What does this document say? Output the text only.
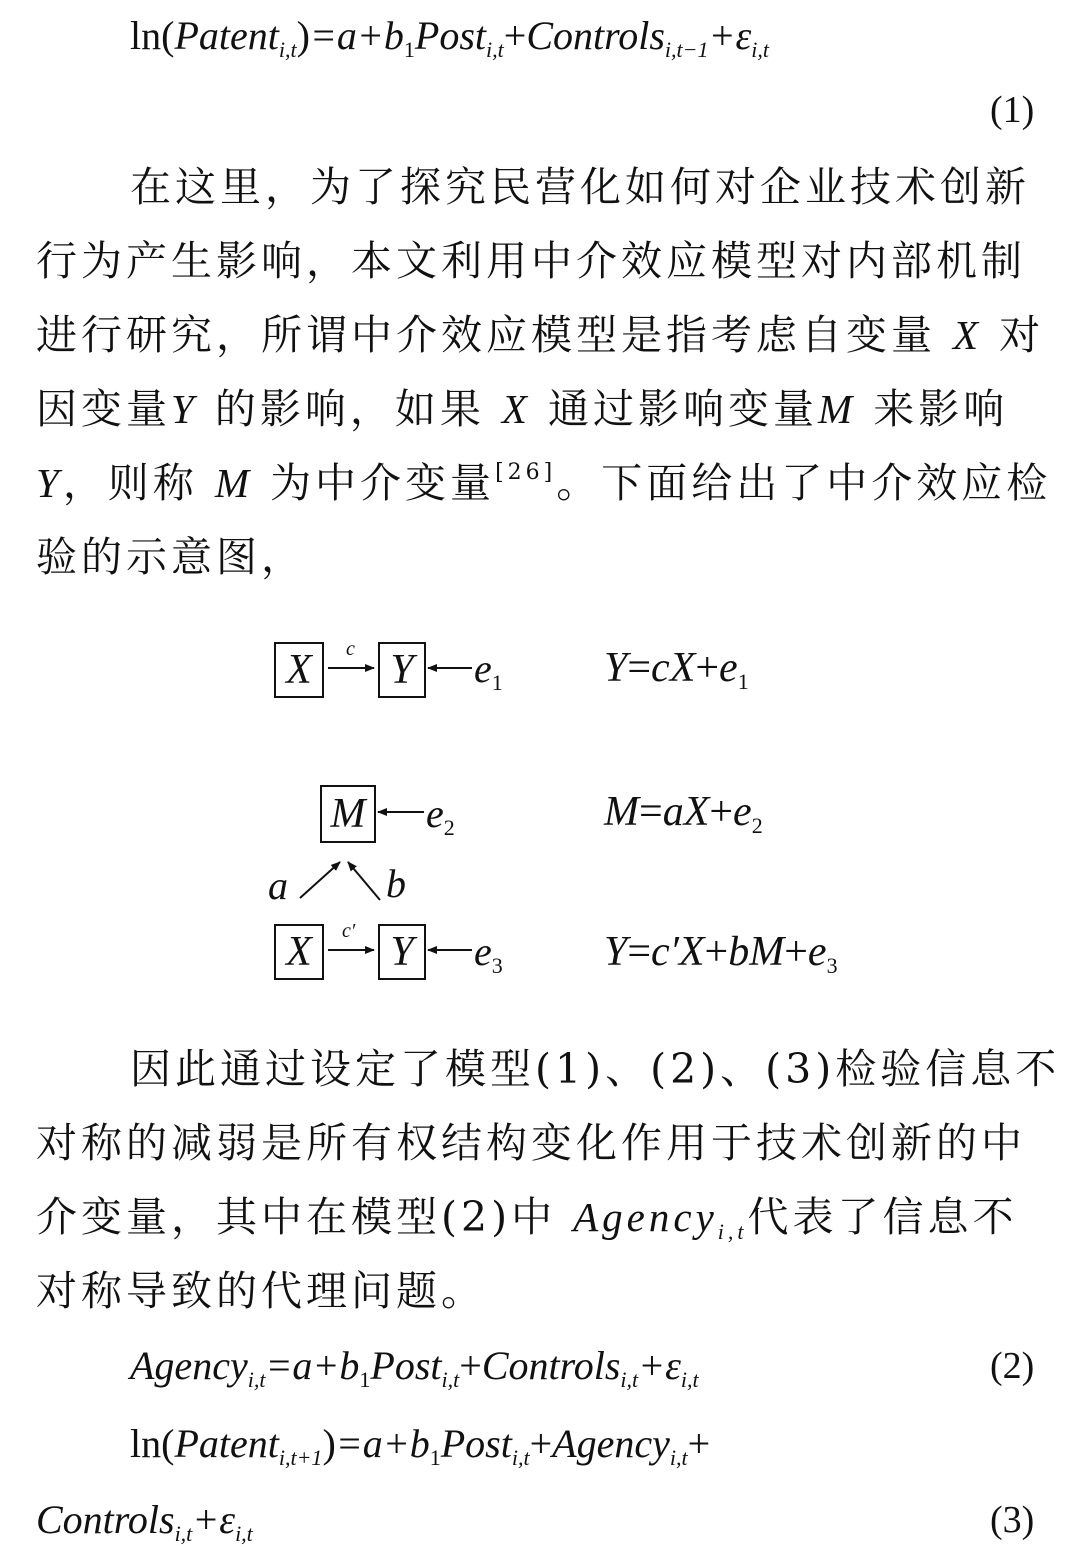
$\ln(Patent_{i,t})=a+b_1Post_{i,t}+Controls_{i,t-1}+\varepsilon_{i,t}$
(1)
在这里，为了探究民营化如何对企业技术创新
行为产生影响，本文利用中介效应模型对内部机制
进行研究，所谓中介效应模型是指考虑自变量 X 对
因变量Y 的影响，如果 X 通过影响变量M 来影响
Y，则称 M 为中介变量[26]。下面给出了中介效应检
验的示意图，
X	c Y	$e_1$ $Y=cX+e_1$
M $e_2$	$M=aX+e_2$
a b
X	c′ Y	$e_3$ $Y=c'X+bM+e_3$
因此通过设定了模型(1)、(2)、(3)检验信息不
对称的减弱是所有权结构变化作用于技术创新的中
介变量，其中在模型(2)中 Agency$_{i,t}$代表了信息不
对称导致的代理问题。
$Agency_{i,t}=a+b_1Post_{i,t}+Controls_{i,t}+\varepsilon_{i,t}$	(2)
$\ln(Patent_{i,t+1})=a+b_1Post_{i,t}+Agency_{i,t}+$
$Controls_{i,t}+\varepsilon_{i,t}$	(3)
